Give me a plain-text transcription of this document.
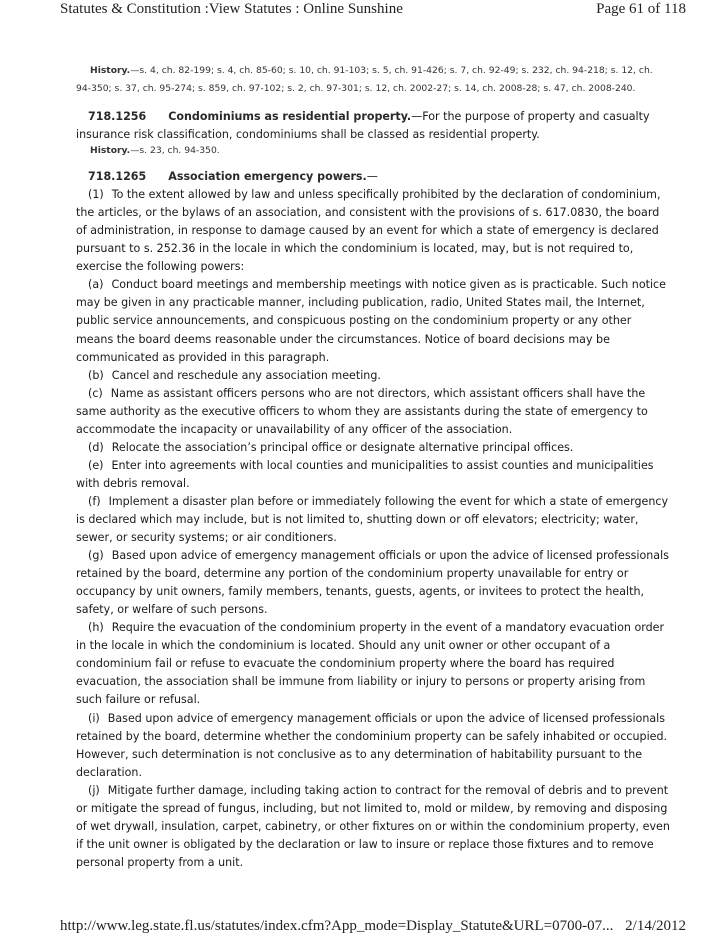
Statutes & Constitution :View Statutes : Online Sunshine	Page 61 of 118

History.—s. 4, ch. 82-199; s. 4, ch. 85-60; s. 10, ch. 91-103; s. 5, ch. 91-426; s. 7, ch. 92-49; s. 232, ch. 94-218; s. 12, ch. 94-350; s. 37, ch. 95-274; s. 859, ch. 97-102; s. 2, ch. 97-301; s. 12, ch. 2002-27; s. 14, ch. 2008-28; s. 47, ch. 2008-240.

718.1256 Condominiums as residential property.—For the purpose of property and casualty insurance risk classification, condominiums shall be classed as residential property.

History.—s. 23, ch. 94-350.

718.1265 Association emergency powers.—

(1) To the extent allowed by law and unless specifically prohibited by the declaration of condominium, the articles, or the bylaws of an association, and consistent with the provisions of s. 617.0830, the board of administration, in response to damage caused by an event for which a state of emergency is declared pursuant to s. 252.36 in the locale in which the condominium is located, may, but is not required to, exercise the following powers:

(a) Conduct board meetings and membership meetings with notice given as is practicable. Such notice may be given in any practicable manner, including publication, radio, United States mail, the Internet, public service announcements, and conspicuous posting on the condominium property or any other means the board deems reasonable under the circumstances. Notice of board decisions may be communicated as provided in this paragraph.

(b) Cancel and reschedule any association meeting.

(c) Name as assistant officers persons who are not directors, which assistant officers shall have the same authority as the executive officers to whom they are assistants during the state of emergency to accommodate the incapacity or unavailability of any officer of the association.

(d) Relocate the association’s principal office or designate alternative principal offices.

(e) Enter into agreements with local counties and municipalities to assist counties and municipalities with debris removal.

(f) Implement a disaster plan before or immediately following the event for which a state of emergency is declared which may include, but is not limited to, shutting down or off elevators; electricity; water, sewer, or security systems; or air conditioners.

(g) Based upon advice of emergency management officials or upon the advice of licensed professionals retained by the board, determine any portion of the condominium property unavailable for entry or occupancy by unit owners, family members, tenants, guests, agents, or invitees to protect the health, safety, or welfare of such persons.

(h) Require the evacuation of the condominium property in the event of a mandatory evacuation order in the locale in which the condominium is located. Should any unit owner or other occupant of a condominium fail or refuse to evacuate the condominium property where the board has required evacuation, the association shall be immune from liability or injury to persons or property arising from such failure or refusal.

(i) Based upon advice of emergency management officials or upon the advice of licensed professionals retained by the board, determine whether the condominium property can be safely inhabited or occupied. However, such determination is not conclusive as to any determination of habitability pursuant to the declaration.

(j) Mitigate further damage, including taking action to contract for the removal of debris and to prevent or mitigate the spread of fungus, including, but not limited to, mold or mildew, by removing and disposing of wet drywall, insulation, carpet, cabinetry, or other fixtures on or within the condominium property, even if the unit owner is obligated by the declaration or law to insure or replace those fixtures and to remove personal property from a unit.

http://www.leg.state.fl.us/statutes/index.cfm?App_mode=Display_Statute&URL=0700-07... 2/14/2012
